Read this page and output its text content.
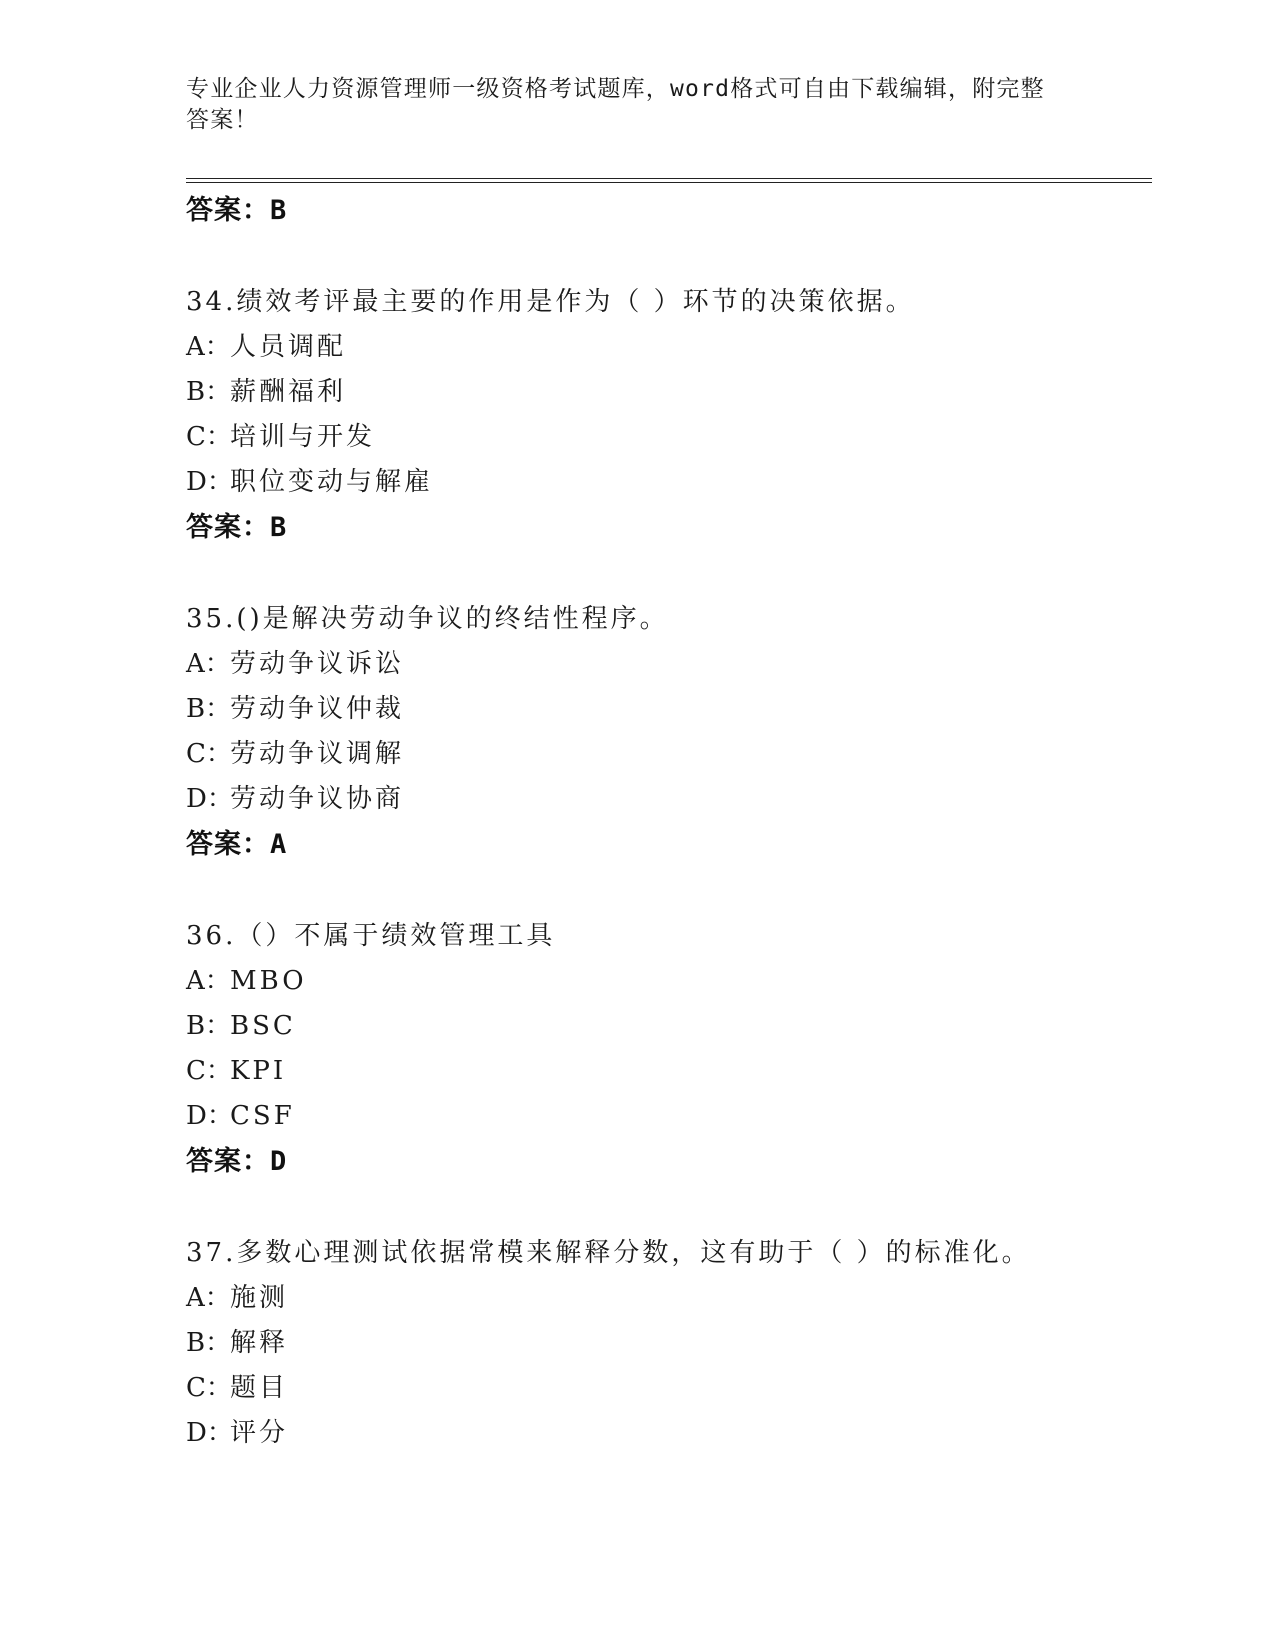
专业企业人力资源管理师一级资格考试题库，word格式可自由下载编辑，附完整
答案！
答案：B
34.绩效考评最主要的作用是作为（ ）环节的决策依据。
A：人员调配
B：薪酬福利
C：培训与开发
D：职位变动与解雇
答案：B
35.()是解决劳动争议的终结性程序。
A：劳动争议诉讼
B：劳动争议仲裁
C：劳动争议调解
D：劳动争议协商
答案：A
36.（）不属于绩效管理工具
A：MBO
B：BSC
C：KPI
D：CSF
答案：D
37.多数心理测试依据常模来解释分数，这有助于（ ）的标准化。
A：施测
B：解释
C：题目
D：评分
